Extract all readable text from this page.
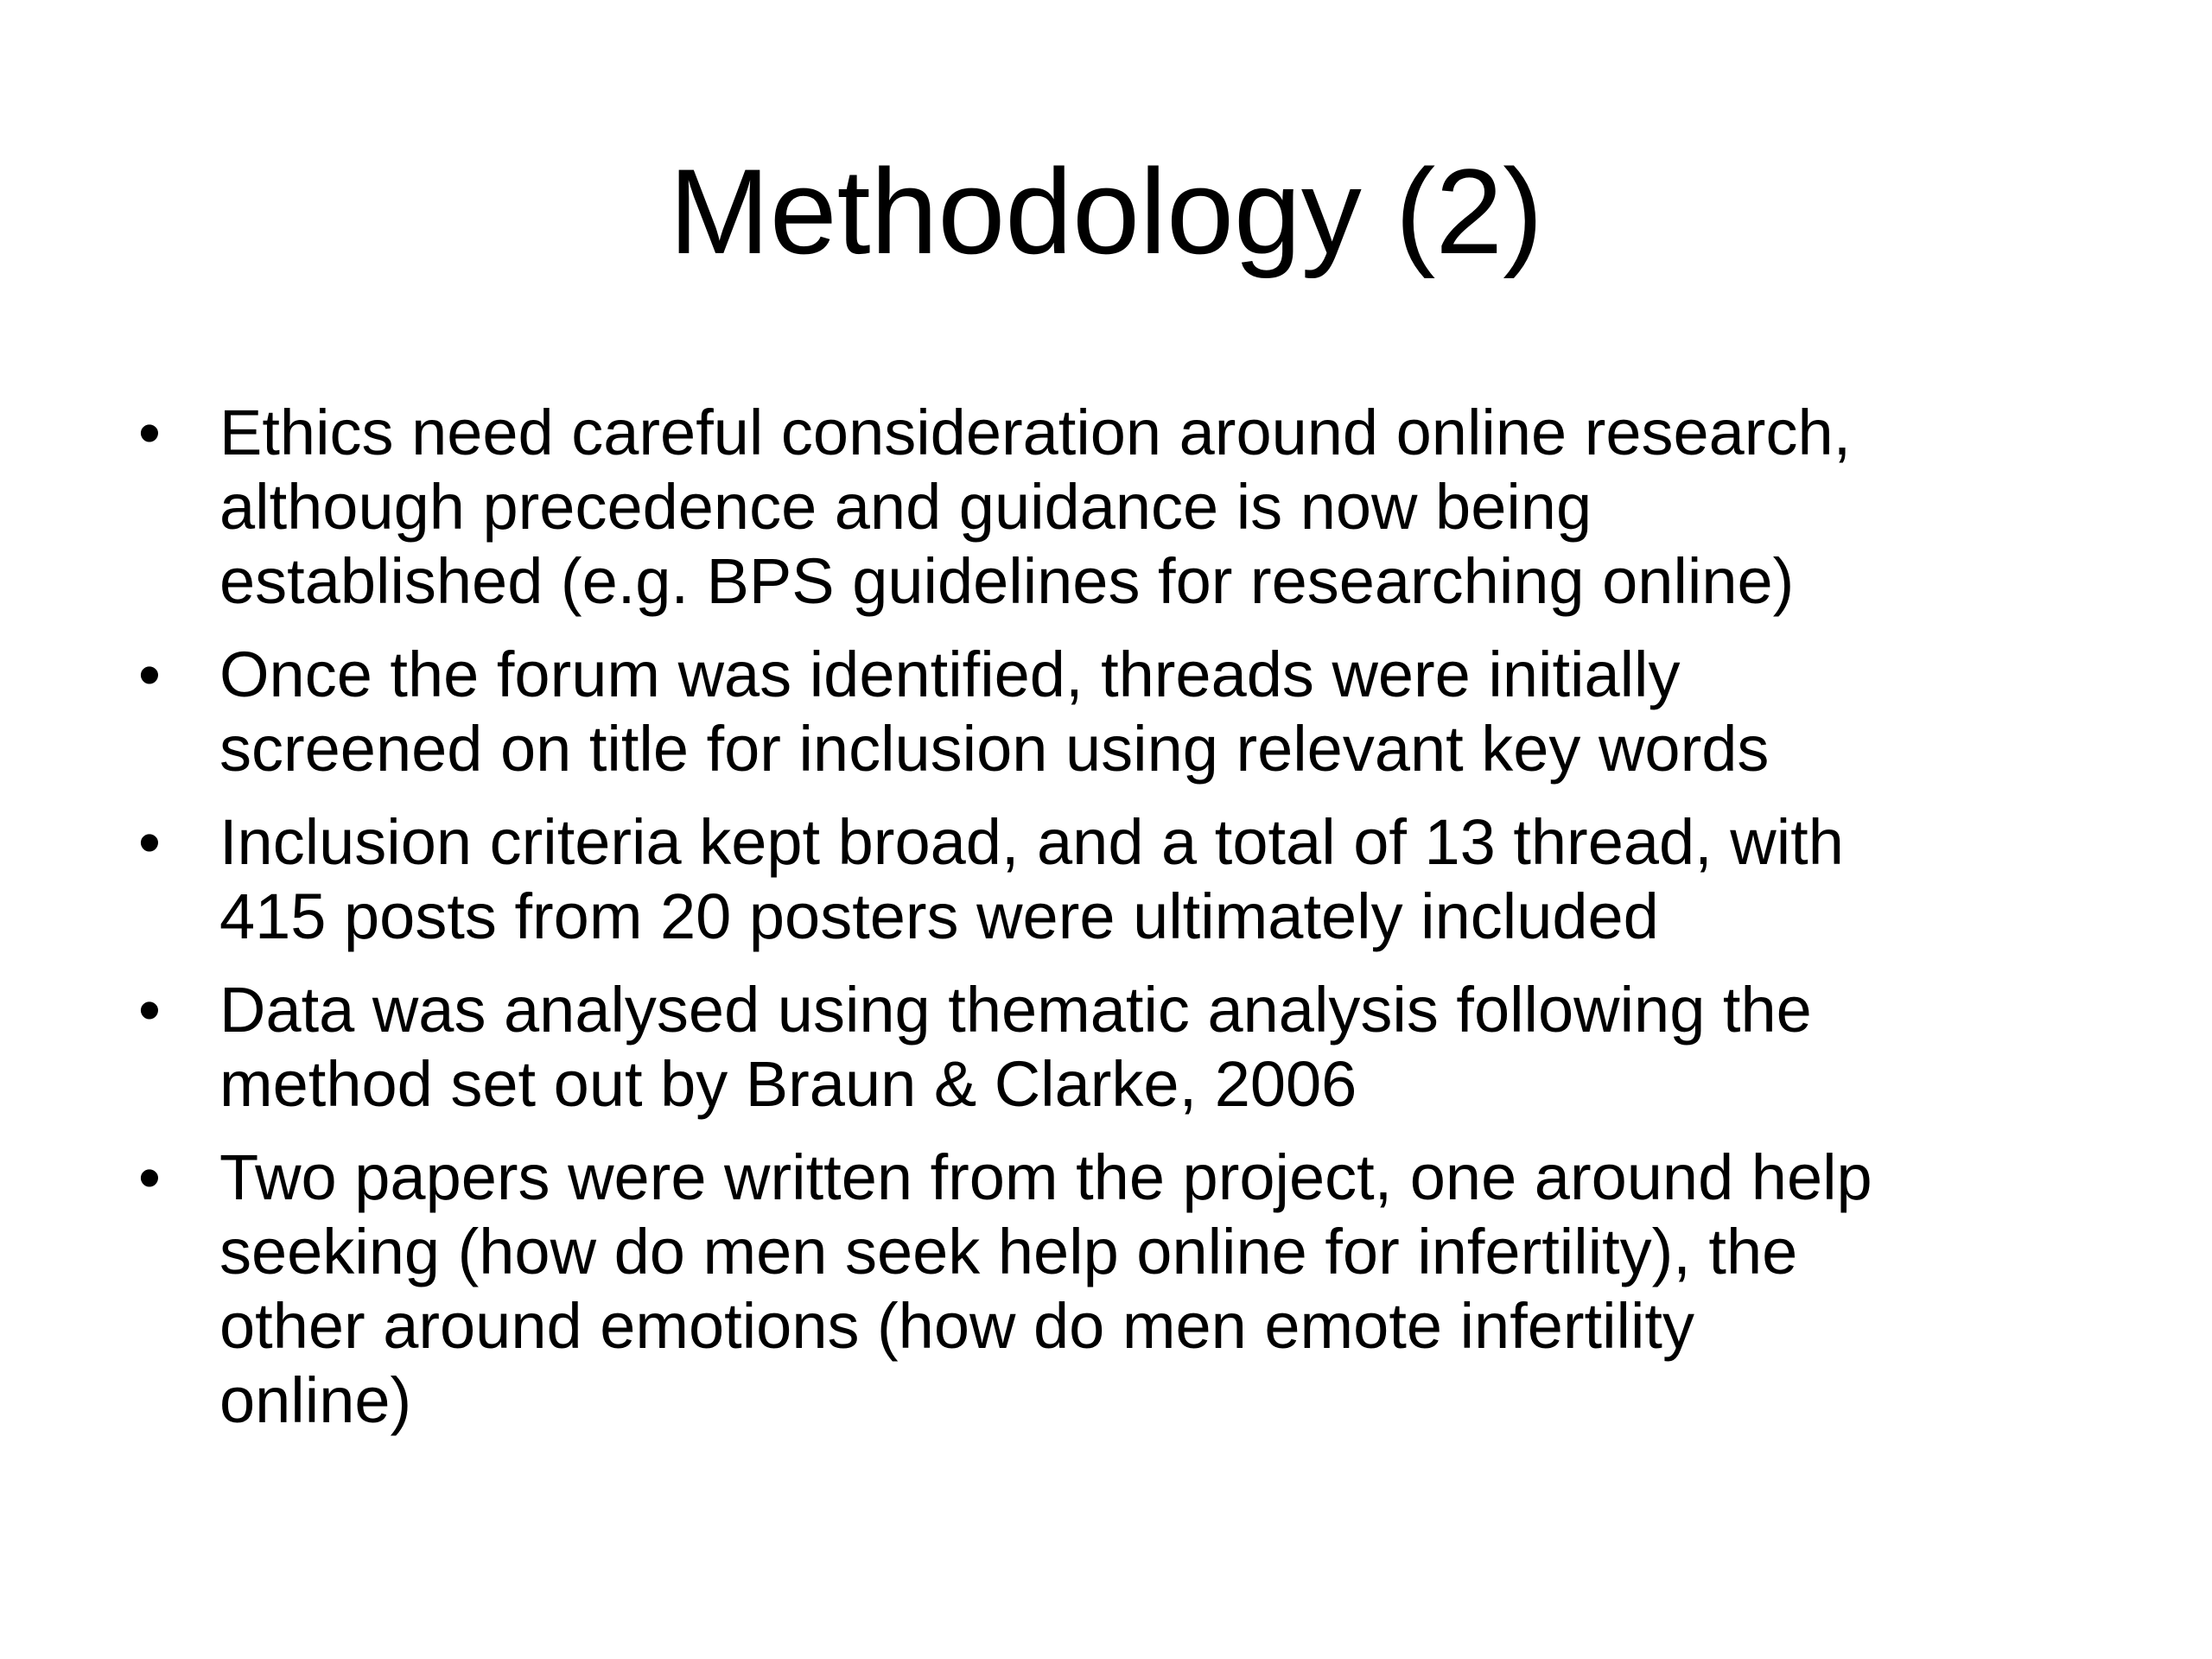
Methodology (2)
• Ethics need careful consideration around online research,
although precedence and guidance is now being
established (e.g. BPS guidelines for researching online)
• Once the forum was identified, threads were initially
screened on title for inclusion using relevant key words
• Inclusion criteria kept broad, and a total of 13 thread, with
415 posts from 20 posters were ultimately included
• Data was analysed using thematic analysis following the
method set out by Braun & Clarke, 2006
• Two papers were written from the project, one around help
seeking (how do men seek help online for infertility), the
other around emotions (how do men emote infertility
online)
